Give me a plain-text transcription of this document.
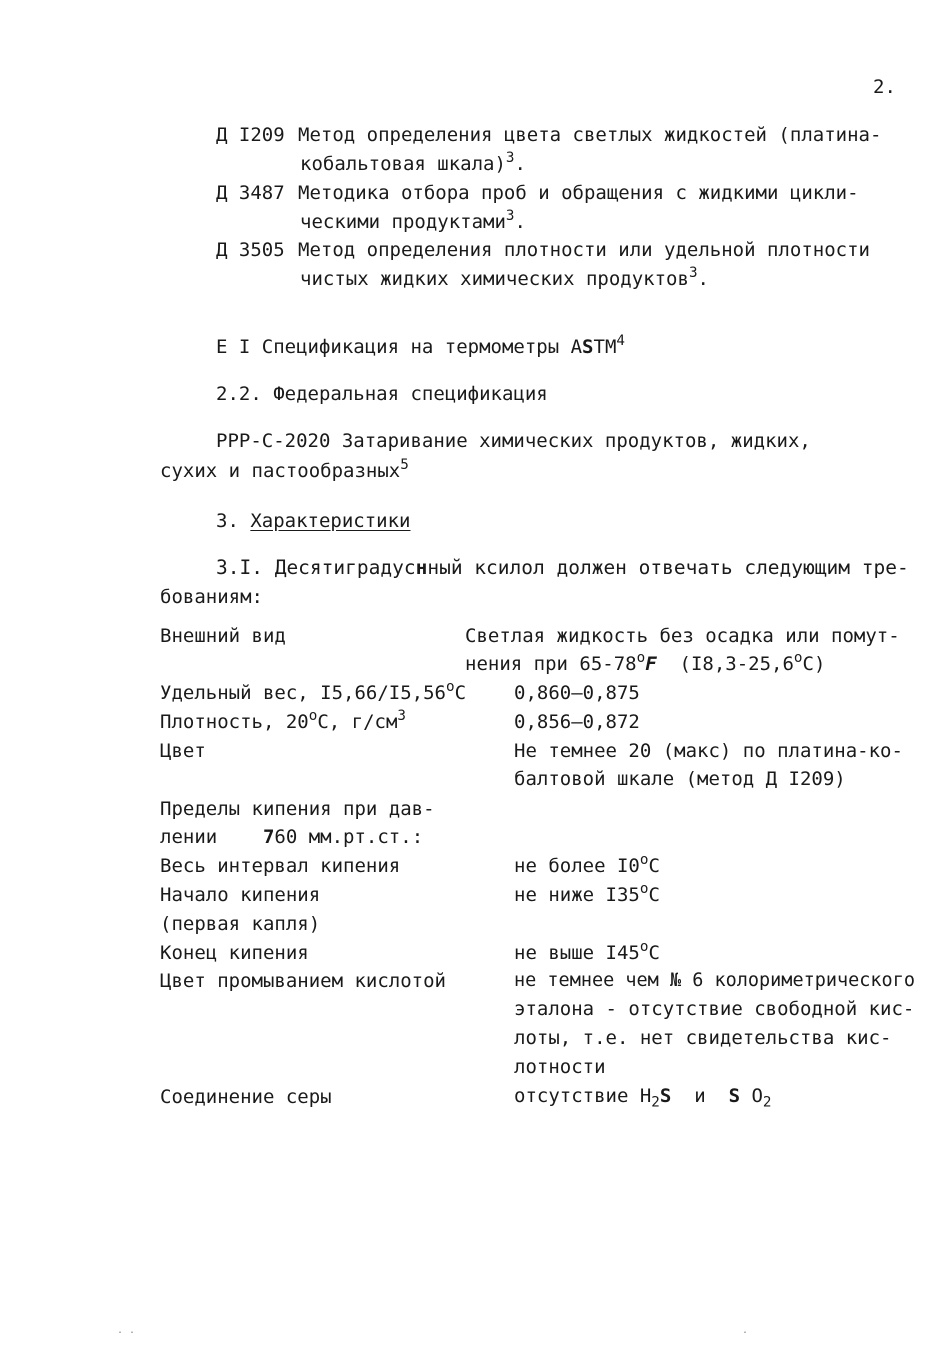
2.
Д I209 Метод определения цвета светлых жидкостей (платина-
кобальтовая шкала)$^3$.
Д 3487 Методика отбора проб и обращения с жидкими цикли-
ческими продуктами$^3$.
Д 3505 Метод определения плотности или удельной плотности
чистых жидких химических продуктов$^3$.
E I Спецификация на термометры ASTM$^4$
2.2. Федеральная спецификация
PPP-C-2020 Затаривание химических продуктов, жидких,
сухих и пастообразных$^5$
3. Характеристики
3.I. Десятиградуснный ксилол должен отвечать следующим тре-
бованиям:
Внешний вид	Светлая жидкость без осадка или помут-
нения при 65-78$^o$F (I8,3-25,6$^o$C)
Удельный вес, I5,66/I5,56$^o$C	0,860—0,875
Плотность, 20$^o$C, $г/см^3$	0,856—0,872
Цвет	Не темнее 20 (макс) по платина-ко-
балтовой шкале (метод Д I209)
Пределы кипения при дав-
лении    760 мм.рт.ст.:
Весь интервал кипения	не более I0$^o$C
Начало кипения	не ниже I35$^o$C
(первая капля)
Конец кипения	не выше I45$^o$C
Цвет промыванием кислотой	не темнее чем № 6 колориметрического
эталона - отсутствие свободной кис-
лоты, т.е. нет свидетельства кис-
лотности
Соединение серы	отсутствие $H_2S$  и  S $O_2$
. .	.
